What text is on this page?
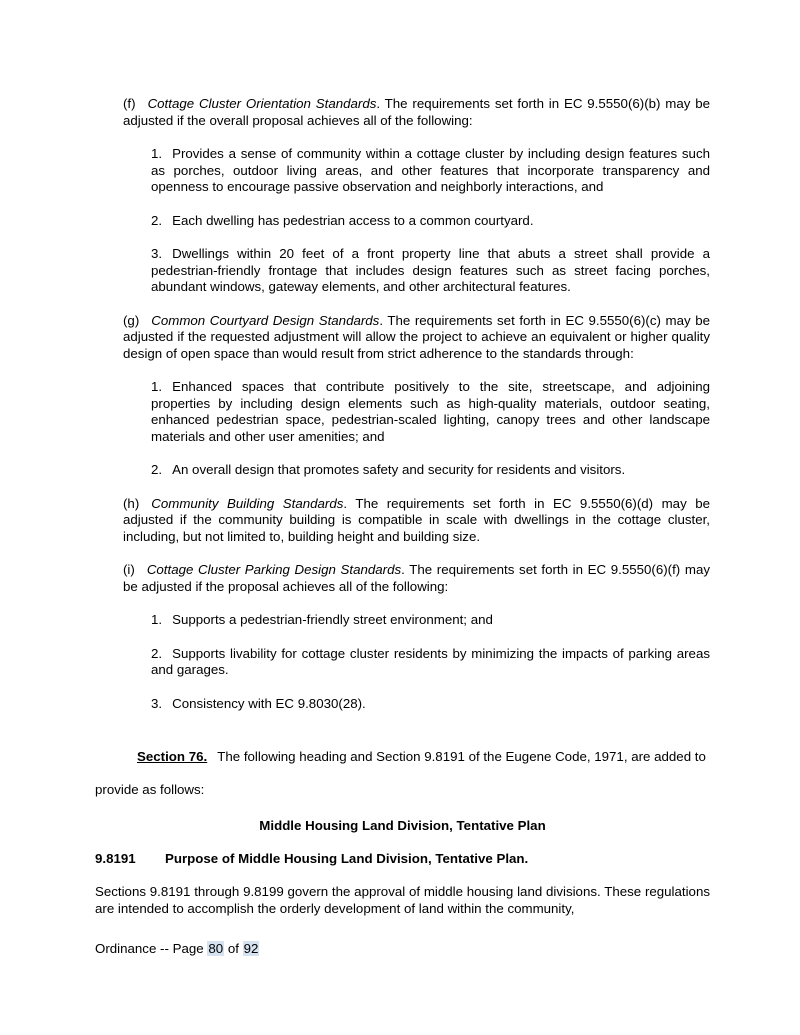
(f) Cottage Cluster Orientation Standards. The requirements set forth in EC 9.5550(6)(b) may be adjusted if the overall proposal achieves all of the following:

1. Provides a sense of community within a cottage cluster by including design features such as porches, outdoor living areas, and other features that incorporate transparency and openness to encourage passive observation and neighborly interactions, and

2. Each dwelling has pedestrian access to a common courtyard.

3. Dwellings within 20 feet of a front property line that abuts a street shall provide a pedestrian-friendly frontage that includes design features such as street facing porches, abundant windows, gateway elements, and other architectural features.

(g) Common Courtyard Design Standards. The requirements set forth in EC 9.5550(6)(c) may be adjusted if the requested adjustment will allow the project to achieve an equivalent or higher quality design of open space than would result from strict adherence to the standards through:

1. Enhanced spaces that contribute positively to the site, streetscape, and adjoining properties by including design elements such as high-quality materials, outdoor seating, enhanced pedestrian space, pedestrian-scaled lighting, canopy trees and other landscape materials and other user amenities; and

2. An overall design that promotes safety and security for residents and visitors.

(h) Community Building Standards. The requirements set forth in EC 9.5550(6)(d) may be adjusted if the community building is compatible in scale with dwellings in the cottage cluster, including, but not limited to, building height and building size.

(i) Cottage Cluster Parking Design Standards. The requirements set forth in EC 9.5550(6)(f) may be adjusted if the proposal achieves all of the following:

1. Supports a pedestrian-friendly street environment; and

2. Supports livability for cottage cluster residents by minimizing the impacts of parking areas and garages.

3. Consistency with EC 9.8030(28).

Section 76. The following heading and Section 9.8191 of the Eugene Code, 1971, are added to provide as follows:

Middle Housing Land Division, Tentative Plan

9.8191 Purpose of Middle Housing Land Division, Tentative Plan.

Sections 9.8191 through 9.8199 govern the approval of middle housing land divisions. These regulations are intended to accomplish the orderly development of land within the community,

Ordinance -- Page 80 of 92
